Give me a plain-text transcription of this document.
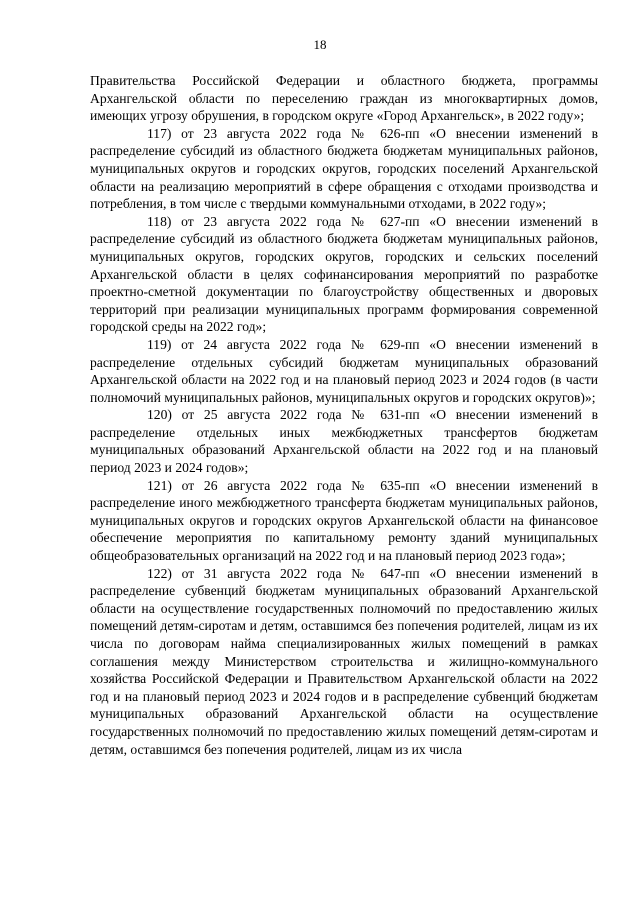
18

Правительства Российской Федерации и областного бюджета, программы Архангельской области по переселению граждан из многоквартирных домов, имеющих угрозу обрушения, в городском округе «Город Архангельск», в 2022 году»;

117) от 23 августа 2022 года № 626-пп «О внесении изменений в распределение субсидий из областного бюджета бюджетам муниципальных районов, муниципальных округов и городских округов, городских поселений Архангельской области на реализацию мероприятий в сфере обращения с отходами производства и потребления, в том числе с твердыми коммунальными отходами, в 2022 году»;

118) от 23 августа 2022 года № 627-пп «О внесении изменений в распределение субсидий из областного бюджета бюджетам муниципальных районов, муниципальных округов, городских округов, городских и сельских поселений Архангельской области в целях софинансирования мероприятий по разработке проектно-сметной документации по благоустройству общественных и дворовых территорий при реализации муниципальных программ формирования современной городской среды на 2022 год»;

119) от 24 августа 2022 года № 629-пп «О внесении изменений в распределение отдельных субсидий бюджетам муниципальных образований Архангельской области на 2022 год и на плановый период 2023 и 2024 годов (в части полномочий муниципальных районов, муниципальных округов и городских округов)»;

120) от 25 августа 2022 года № 631-пп «О внесении изменений в распределение отдельных иных межбюджетных трансфертов бюджетам муниципальных образований Архангельской области на 2022 год и на плановый период 2023 и 2024 годов»;

121) от 26 августа 2022 года № 635-пп «О внесении изменений в распределение иного межбюджетного трансферта бюджетам муниципальных районов, муниципальных округов и городских округов Архангельской области на финансовое обеспечение мероприятия по капитальному ремонту зданий муниципальных общеобразовательных организаций на 2022 год и на плановый период 2023 года»;

122) от 31 августа 2022 года № 647-пп «О внесении изменений в распределение субвенций бюджетам муниципальных образований Архангельской области на осуществление государственных полномочий по предоставлению жилых помещений детям-сиротам и детям, оставшимся без попечения родителей, лицам из их числа по договорам найма специализированных жилых помещений в рамках соглашения между Министерством строительства и жилищно-коммунального хозяйства Российской Федерации и Правительством Архангельской области на 2022 год и на плановый период 2023 и 2024 годов и в распределение субвенций бюджетам муниципальных образований Архангельской области на осуществление государственных полномочий по предоставлению жилых помещений детям-сиротам и детям, оставшимся без попечения родителей, лицам из их числа
